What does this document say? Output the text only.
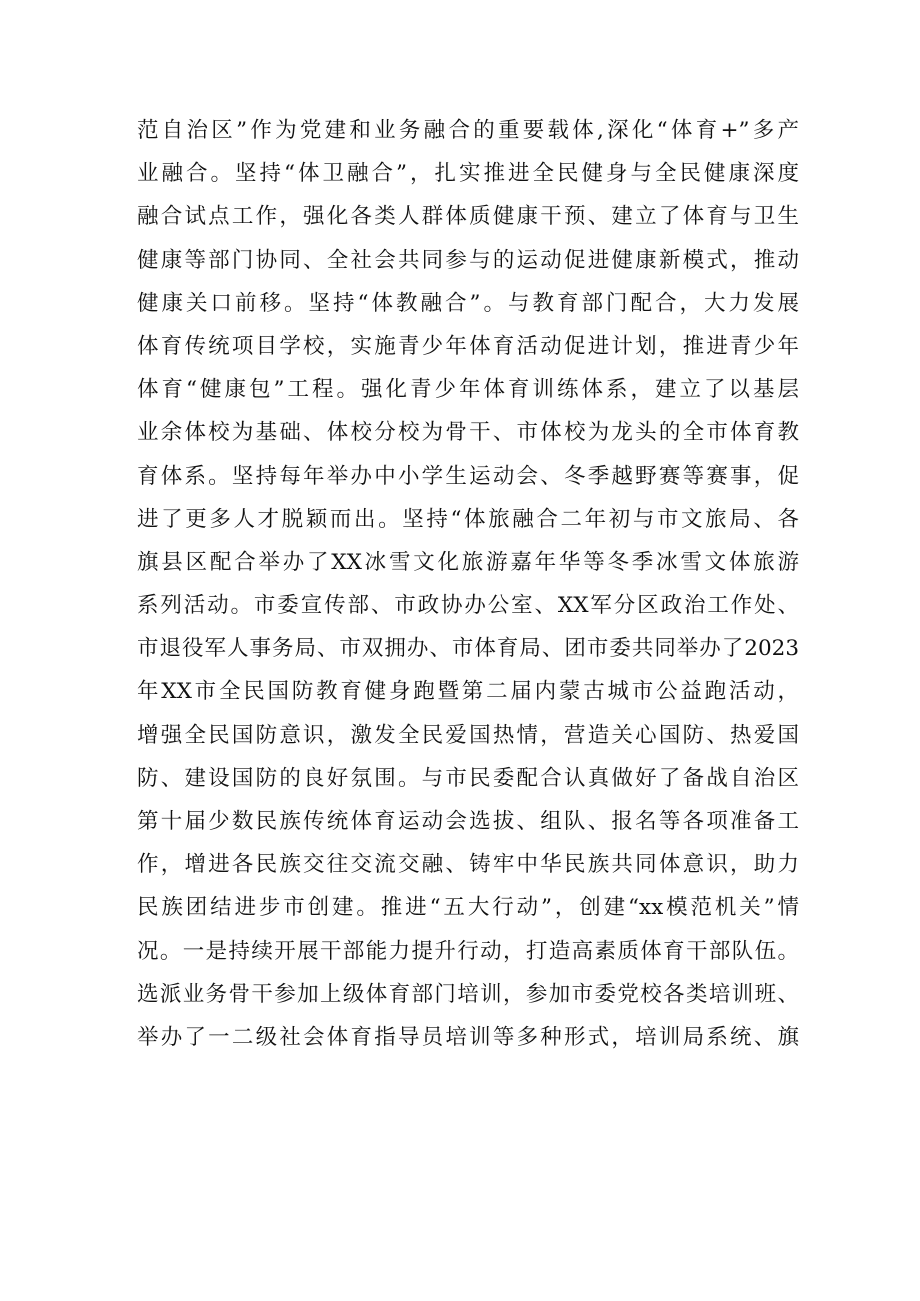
范自治区”作为党建和业务融合的重要载体,深化“体育+”多产
业融合。坚持“体卫融合”，扎实推进全民健身与全民健康深度
融合试点工作，强化各类人群体质健康干预、建立了体育与卫生
健康等部门协同、全社会共同参与的运动促进健康新模式，推动
健康关口前移。坚持“体教融合”。与教育部门配合，大力发展
体育传统项目学校，实施青少年体育活动促进计划，推进青少年
体育“健康包”工程。强化青少年体育训练体系，建立了以基层
业余体校为基础、体校分校为骨干、市体校为龙头的全市体育教
育体系。坚持每年举办中小学生运动会、冬季越野赛等赛事，促
进了更多人才脱颖而出。坚持“体旅融合二年初与市文旅局、各
旗县区配合举办了XX冰雪文化旅游嘉年华等冬季冰雪文体旅游
系列活动。市委宣传部、市政协办公室、XX军分区政治工作处、
市退役军人事务局、市双拥办、市体育局、团市委共同举办了2023
年XX市全民国防教育健身跑暨第二届内蒙古城市公益跑活动，
增强全民国防意识，激发全民爱国热情，营造关心国防、热爱国
防、建设国防的良好氛围。与市民委配合认真做好了备战自治区
第十届少数民族传统体育运动会选拔、组队、报名等各项准备工
作，增进各民族交往交流交融、铸牢中华民族共同体意识，助力
民族团结进步市创建。推进“五大行动”，创建“xx模范机关”情
况。一是持续开展干部能力提升行动，打造高素质体育干部队伍。
选派业务骨干参加上级体育部门培训，参加市委党校各类培训班、
举办了一二级社会体育指导员培训等多种形式，培训局系统、旗
